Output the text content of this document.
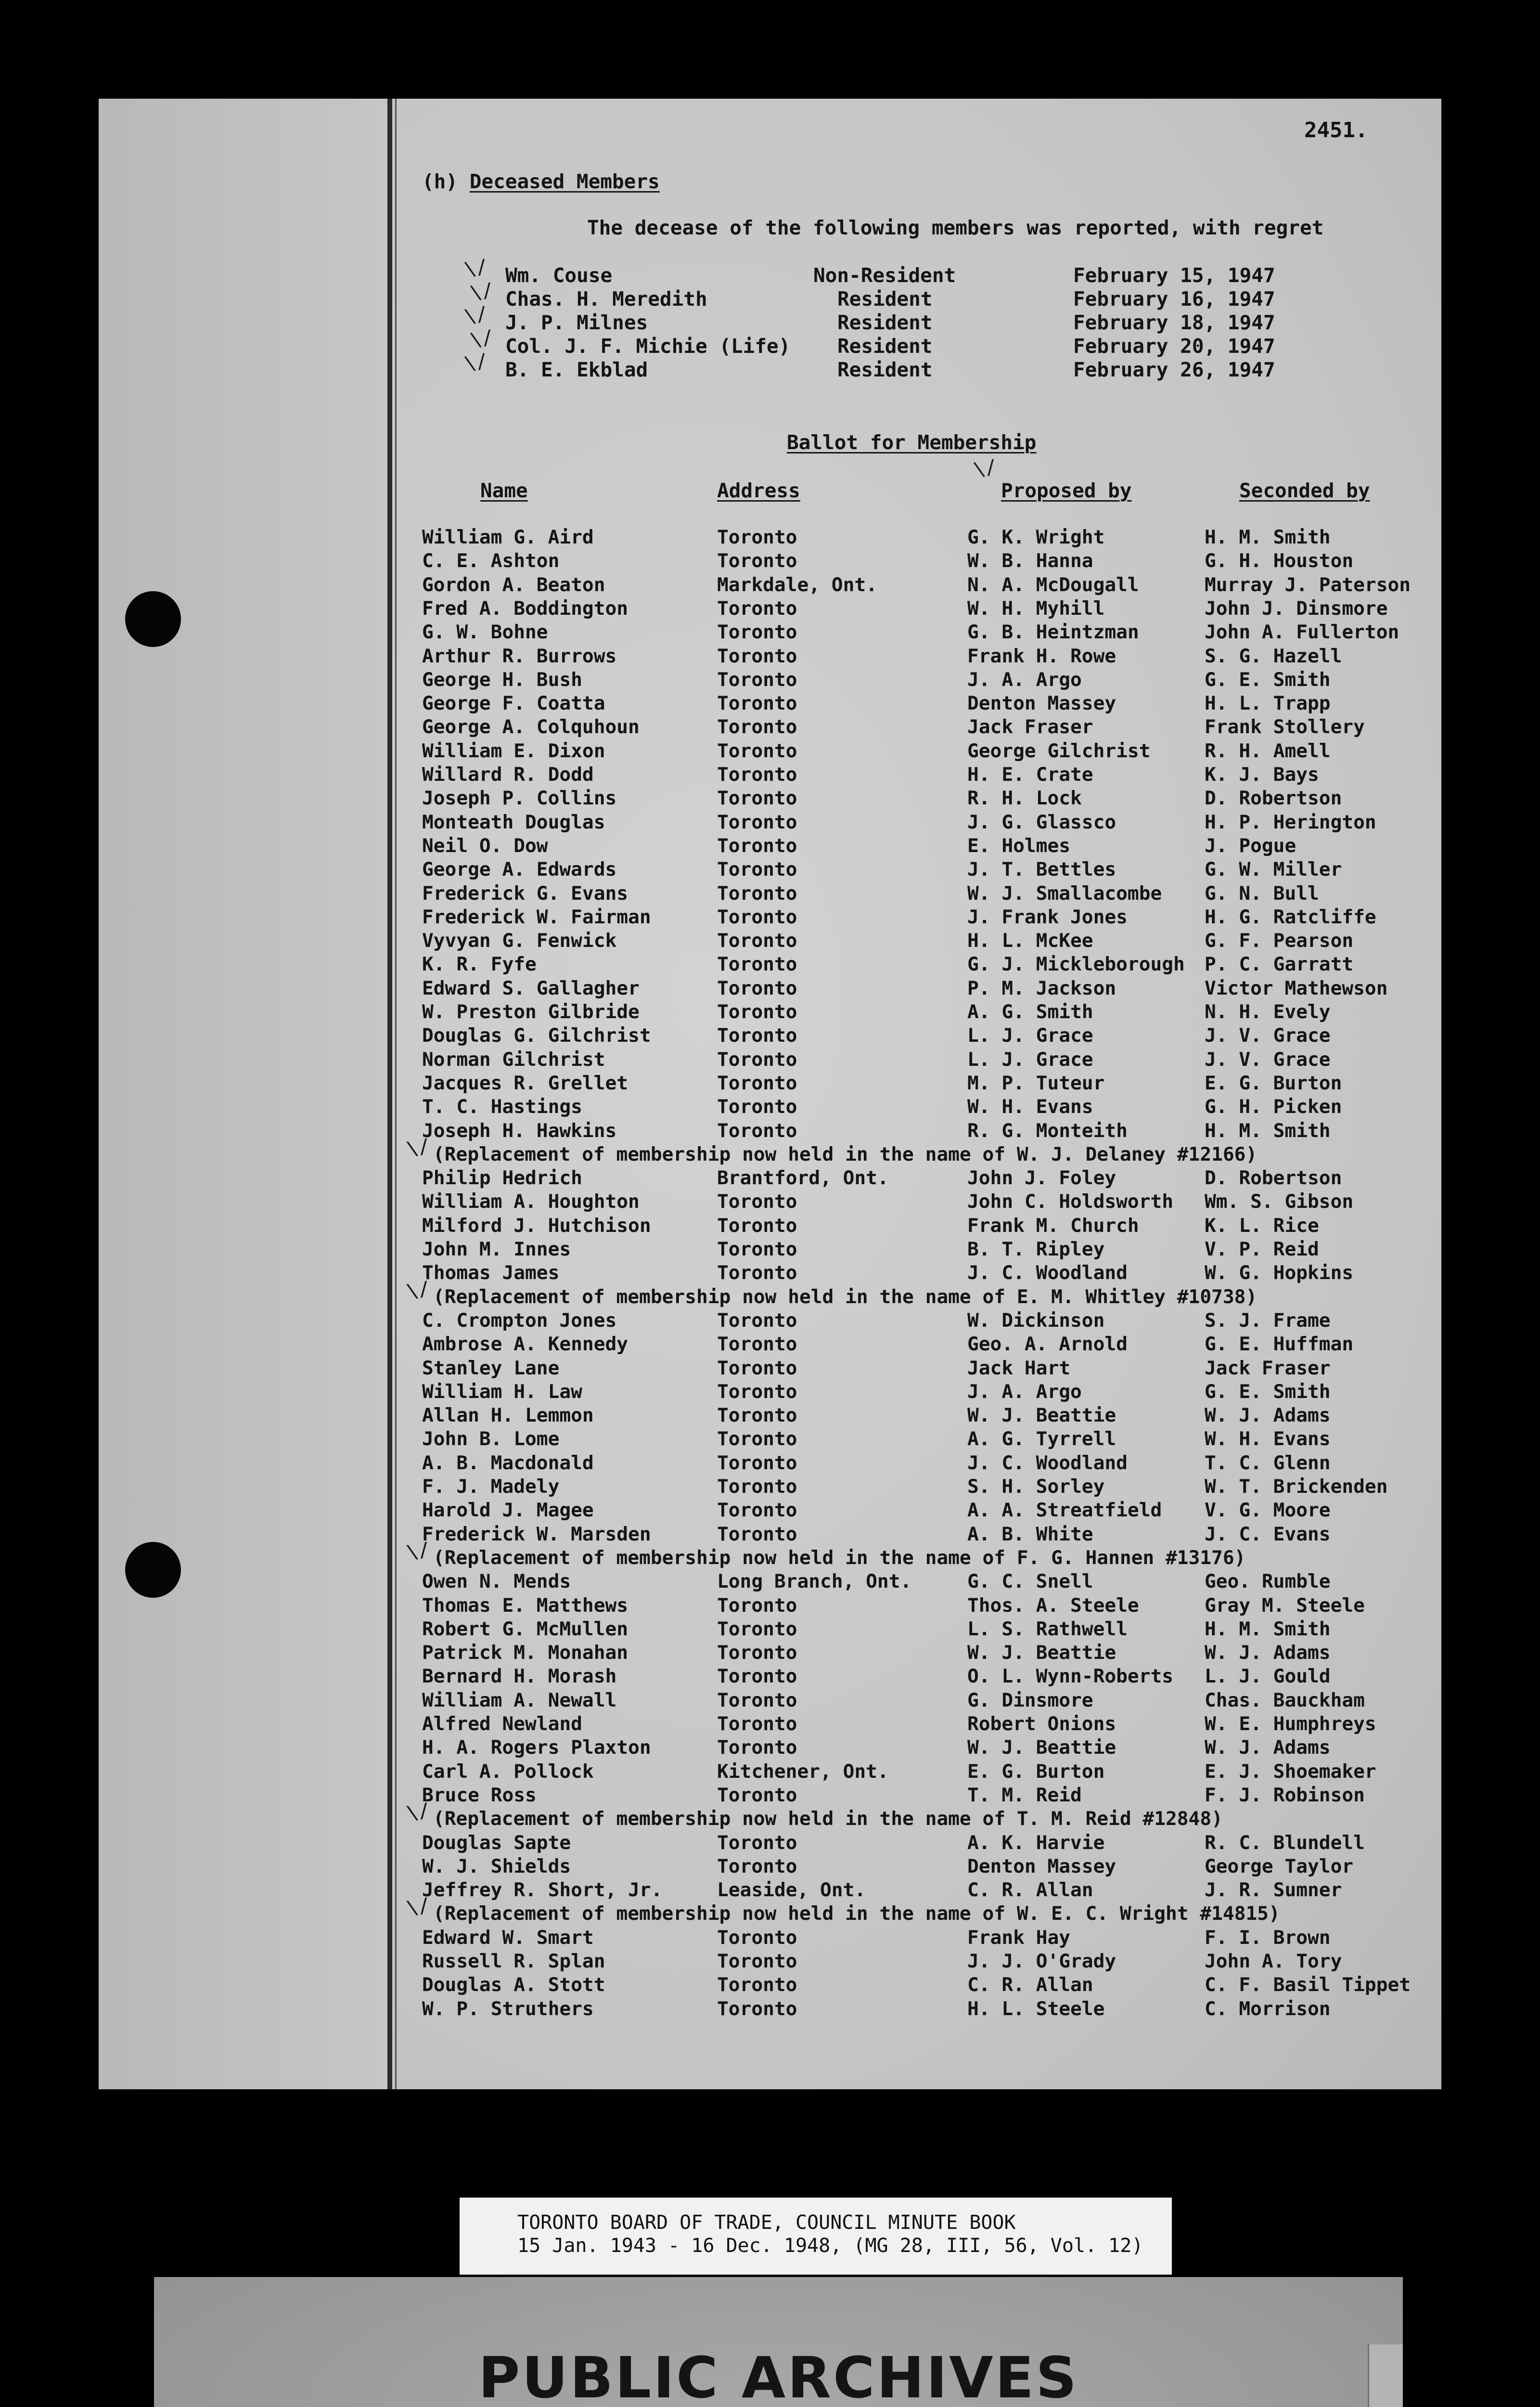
2451.
(h) Deceased Members
The decease of the following members was reported, with regret
Wm. Couse	Non-Resident	February 15, 1947
\/
Chas. H. Meredith	Resident	February 16, 1947
\/
J. P. Milnes	Resident	February 18, 1947
\/
Col. J. F. Michie (Life) Resident	February 20, 1947
\/
B. E. Ekblad	Resident	February 26, 1947
\/
Ballot for Membership
\/
Name	Address	Proposed by	Seconded by
William G. Aird	Toronto	G. K. Wright	H. M. Smith
C. E. Ashton	Toronto	W. B. Hanna	G. H. Houston
Gordon A. Beaton	Markdale, Ont.	N. A. McDougall	Murray J. Paterson
Fred A. Boddington	Toronto	W. H. Myhill	John J. Dinsmore
G. W. Bohne	Toronto	G. B. Heintzman	John A. Fullerton
Arthur R. Burrows	Toronto	Frank H. Rowe	S. G. Hazell
George H. Bush	Toronto	J. A. Argo	G. E. Smith
George F. Coatta	Toronto	Denton Massey	H. L. Trapp
George A. Colquhoun	Toronto	Jack Fraser	Frank Stollery
William E. Dixon	Toronto	George Gilchrist	R. H. Amell
Willard R. Dodd	Toronto	H. E. Crate	K. J. Bays
Joseph P. Collins	Toronto	R. H. Lock	D. Robertson
Monteath Douglas	Toronto	J. G. Glassco	H. P. Herington
Neil O. Dow	Toronto	E. Holmes	J. Pogue
George A. Edwards	Toronto	J. T. Bettles	G. W. Miller
Frederick G. Evans	Toronto	W. J. Smallacombe G. N. Bull
Frederick W. Fairman	Toronto	J. Frank Jones	H. G. Ratcliffe
Vyvyan G. Fenwick	Toronto	H. L. McKee	G. F. Pearson
K. R. Fyfe	Toronto	G. J. Mickleborough P. C. Garratt
Edward S. Gallagher	Toronto	P. M. Jackson	Victor Mathewson
W. Preston Gilbride	Toronto	A. G. Smith	N. H. Evely
Douglas G. Gilchrist	Toronto	L. J. Grace	J. V. Grace
Norman Gilchrist	Toronto	L. J. Grace	J. V. Grace
Jacques R. Grellet	Toronto	M. P. Tuteur	E. G. Burton
T. C. Hastings	Toronto	W. H. Evans	G. H. Picken
Joseph H. Hawkins	Toronto	R. G. Monteith	H. M. Smith
(Replacement of membership now held in the name of W. J. Delaney #12166)
\/
Philip Hedrich	Brantford, Ont.	John J. Foley	D. Robertson
William A. Houghton	Toronto	John C. Holdsworth Wm. S. Gibson
Milford J. Hutchison	Toronto	Frank M. Church	K. L. Rice
John M. Innes	Toronto	B. T. Ripley	V. P. Reid
Thomas James	Toronto	J. C. Woodland	W. G. Hopkins
(Replacement of membership now held in the name of E. M. Whitley #10738)
\/
C. Crompton Jones	Toronto	W. Dickinson	S. J. Frame
Ambrose A. Kennedy	Toronto	Geo. A. Arnold	G. E. Huffman
Stanley Lane	Toronto	Jack Hart	Jack Fraser
William H. Law	Toronto	J. A. Argo	G. E. Smith
Allan H. Lemmon	Toronto	W. J. Beattie	W. J. Adams
John B. Lome	Toronto	A. G. Tyrrell	W. H. Evans
A. B. Macdonald	Toronto	J. C. Woodland	T. C. Glenn
F. J. Madely	Toronto	S. H. Sorley	W. T. Brickenden
Harold J. Magee	Toronto	A. A. Streatfield V. G. Moore
Frederick W. Marsden	Toronto	A. B. White	J. C. Evans
(Replacement of membership now held in the name of F. G. Hannen #13176)
\/
Owen N. Mends	Long Branch, Ont.	G. C. Snell	Geo. Rumble
Thomas E. Matthews	Toronto	Thos. A. Steele	Gray M. Steele
Robert G. McMullen	Toronto	L. S. Rathwell	H. M. Smith
Patrick M. Monahan	Toronto	W. J. Beattie	W. J. Adams
Bernard H. Morash	Toronto	O. L. Wynn-Roberts L. J. Gould
William A. Newall	Toronto	G. Dinsmore	Chas. Bauckham
Alfred Newland	Toronto	Robert Onions	W. E. Humphreys
H. A. Rogers Plaxton	Toronto	W. J. Beattie	W. J. Adams
Carl A. Pollock	Kitchener, Ont.	E. G. Burton	E. J. Shoemaker
Bruce Ross	Toronto	T. M. Reid	F. J. Robinson
(Replacement of membership now held in the name of T. M. Reid #12848)
\/
Douglas Sapte	Toronto	A. K. Harvie	R. C. Blundell
W. J. Shields	Toronto	Denton Massey	George Taylor
Jeffrey R. Short, Jr.	Leaside, Ont.	C. R. Allan	J. R. Sumner
(Replacement of membership now held in the name of W. E. C. Wright #14815)
\/
Edward W. Smart	Toronto	Frank Hay	F. I. Brown
Russell R. Splan	Toronto	J. J. O'Grady	John A. Tory
Douglas A. Stott	Toronto	C. R. Allan	C. F. Basil Tippet
W. P. Struthers	Toronto	H. L. Steele	C. Morrison
TORONTO BOARD OF TRADE, COUNCIL MINUTE BOOK
15 Jan. 1943 - 16 Dec. 1948, (MG 28, III, 56, Vol. 12)
PUBLIC ARCHIVES
